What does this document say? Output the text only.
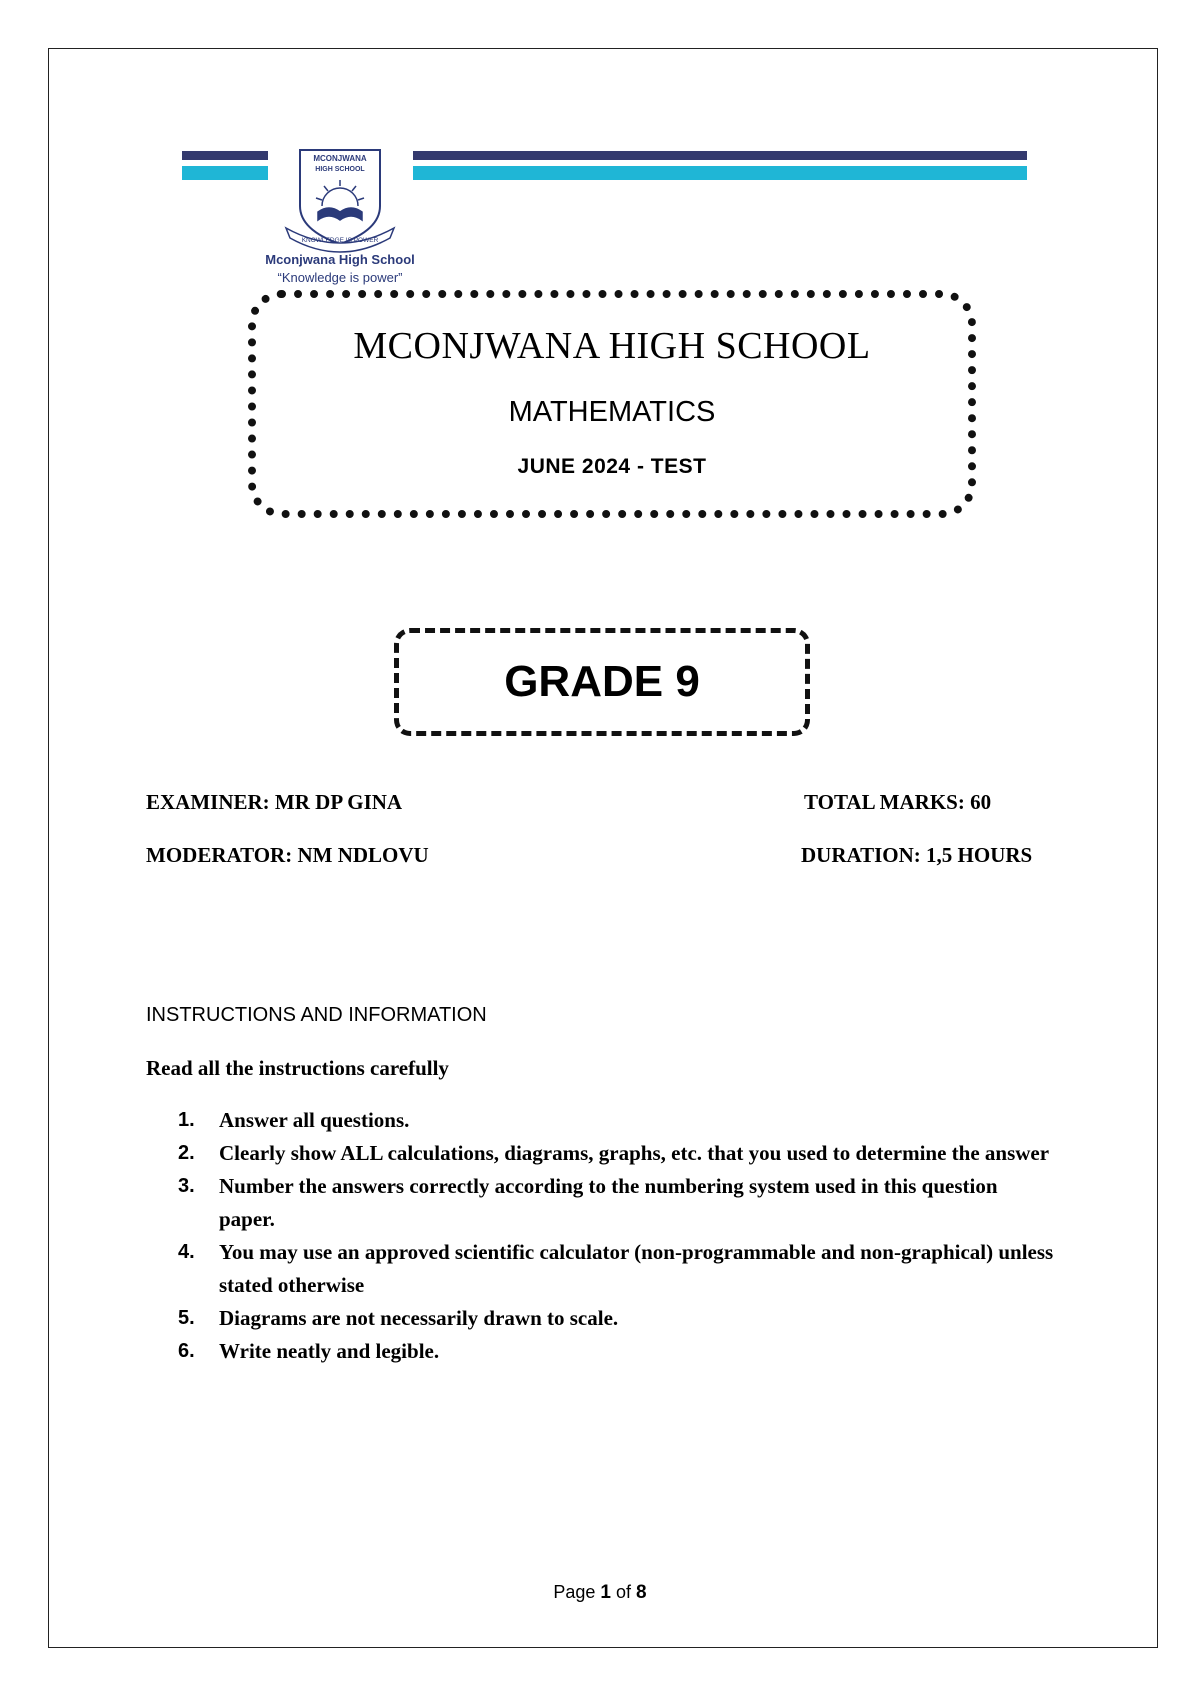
MCONJWANA
HIGH SCHOOL
KNOWLEDGE IS POWER
Mconjwana High School
“Knowledge is power”
MCONJWANA HIGH SCHOOL
MATHEMATICS
JUNE 2024 - TEST
GRADE 9
EXAMINER: MR DP GINA
MODERATOR: NM NDLOVU
TOTAL MARKS: 60
DURATION: 1,5 HOURS
INSTRUCTIONS AND INFORMATION
Read all the instructions carefully
1.	Answer all questions.
2.	Clearly show ALL calculations, diagrams, graphs, etc. that you used to determine the answer
3.	Number the answers correctly according to the numbering system used in this question paper.
4.	You may use an approved scientific calculator (non-programmable and non-graphical) unless stated otherwise
5.	Diagrams are not necessarily drawn to scale.
6.	Write neatly and legible.
Page 1 of 8
